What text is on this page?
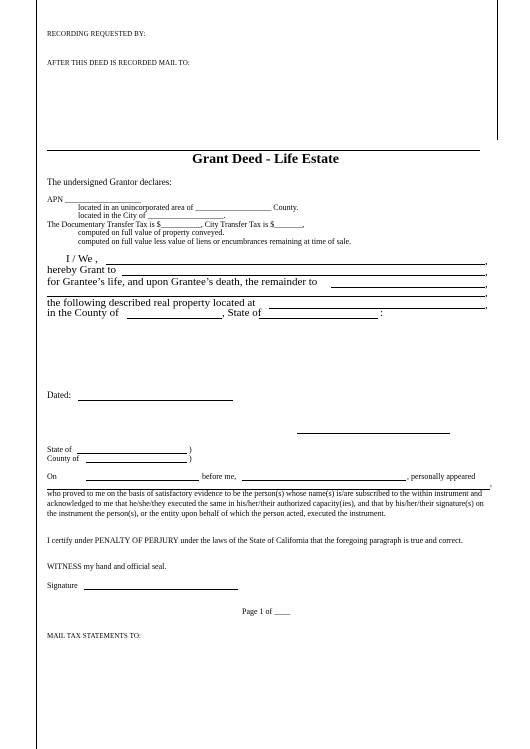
RECORDING REQUESTED BY:
AFTER THIS DEED IS RECORDED MAIL TO:
Grant Deed - Life Estate
The undersigned Grantor declares:
APN ___________________
located in an unincorporated area of ___________________ County.
located in the City of ___________________.
The Documentary Transfer Tax is $__________, City Transfer Tax is $_______,
computed on full value of property conveyed.
computed on full value less value of liens or encumbrances remaining at time of sale.
I / We ,	,
hereby Grant to	,
for Grantee’s life, and upon Grantee’s death, the remainder to	,
,
the following described real property located at	,
in the County of	, State of	:
Dated:
State of	)
County of	)
On	before me,	, personally appeared
,
who proved to me on the basis of satisfactory evidence to be the person(s) whose name(s) is/are subscribed to the within instrument and acknowledged to me that he/she/they executed the same in his/her/their authorized capacity(ies), and that by his/her/their signature(s) on the instrument the person(s), or the entity upon behalf of which the person acted, executed the instrument.
I certify under PENALTY OF PERJURY under the laws of the State of California that the foregoing paragraph is true and correct.
WITNESS my hand and official seal.
Signature
Page 1 of ____
MAIL TAX STATEMENTS TO:
